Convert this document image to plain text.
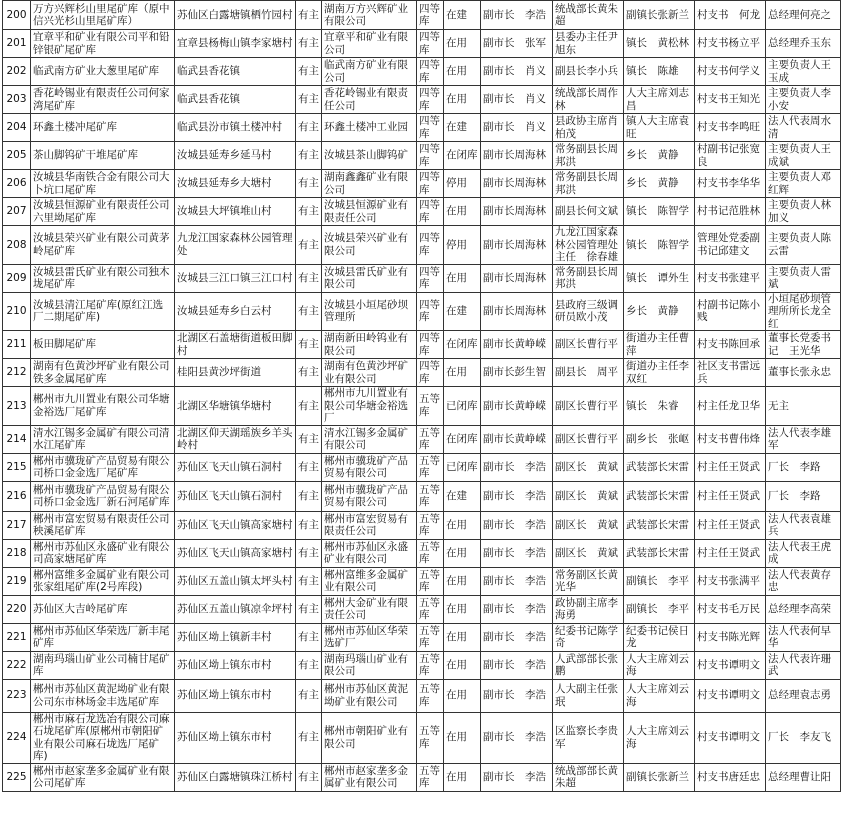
200	万方兴辉杉山里尾矿库（原中信兴光杉山里尾矿库）	苏仙区白露塘镇栖竹园村	有主	湖南万方兴辉矿业有限公司	四等库	在建	副市长　李浩	统战部长黄朱超	副镇长张新兰	村支书　何龙	总经理何亮之
201	宜章平和矿业有限公司平和铅锌银矿尾矿库	宜章县杨梅山镇李家塘村	有主	宜章平和矿业有限公司	四等库	在用	副市长　张军	县委办主任尹旭东	镇长　黄松林	村支书杨立平	总经理乔玉东
202	临武南方矿业大葱里尾矿库	临武县香花镇	有主	临武南方矿业有限公司	四等库	在用	副市长　肖义	副县长李小兵	镇长　陈雄	村支书何学义	主要负责人王玉成
203	香花岭锡业有限责任公司何家湾尾矿库	临武县香花镇	有主	香花岭锡业有限责任公司	四等库	在用	副市长　肖义	统战部长周作林	人大主席刘志昌	村支书王知光	主要负责人李小安
204	环鑫土楼冲尾矿库	临武县汾市镇土楼冲村	有主	环鑫土楼冲工业园	四等库	在建	副市长　肖义	县政协主席肖柏茂	镇人大主席袁旺	村支书李鸣旺	法人代表周水清
205	茶山脚钨矿干堆尾矿库	汝城县延寿乡延马村	有主	汝城县茶山脚钨矿	四等库	在闭库	副市长周海林	常务副县长周邦洪	乡长　黄静	村副书记张宽良	主要负责人王成斌
206	汝城县华南铁合金有限公司大卜坑口尾矿库	汝城县延寿乡大塘村	有主	湖南鑫鑫矿业有限公司	四等库	停用	副市长周海林	常务副县长周邦洪	乡长　黄静	村支书李华华	主要负责人邓红辉
207	汝城县恒源矿业有限责任公司六里坳尾矿库	汝城县大坪镇堆山村	有主	汝城县恒源矿业有限责任公司	四等库	在用	副市长周海林	副县长何文斌	镇长　陈智学	村书记范胜林	主要负责人林加义
208	汝城县荣兴矿业有限公司黄茅岭尾矿库	九龙江国家森林公园管理处	有主	汝城县荣兴矿业有限公司	四等库	停用	副市长周海林	九龙江国家森林公园管理处主任　徐春雄	镇长　陈智学	管理处党委副书记邱建文	主要负责人陈云雷
209	汝城县雷氏矿业有限公司独木垅尾矿库	汝城县三江口镇三江口村	有主	汝城县雷氏矿业有限公司	四等库	在用	副市长周海林	常务副县长周邦洪	镇长　谭外生	村支书张建平	主要负责人雷斌
210	汝城县清江尾矿库(原红江选厂二期尾矿库)	汝城县延寿乡白云村	有主	汝城县小垣尾砂坝管理所	四等库	在建	副市长周海林	县政府三级调研员欧小茂	乡长　黄静	村副书记陈小贱	小垣尾砂坝管理所所长龙全红
211	板田脚尾矿库	北湖区石盖塘街道板田脚村	有主	湖南新田岭钨业有限公司	四等库	在闭库	副市长黄峥嵘	副区长曹行平	街道办主任曹萍	村支书陈回承	董事长党委书记　王光华
212	湖南有色黄沙坪矿业有限公司铁多金属尾矿库	桂阳县黄沙坪街道	有主	湖南有色黄沙坪矿业有限公司	四等库	在用	副市长彭生智	副县长　周平	街道办主任李双红	社区支书雷远兵	董事长张永忠
213	郴州市九川置业有限公司华塘金裕选厂尾矿库	北湖区华塘镇华塘村	有主	郴州市九川置业有限公司华塘金裕选厂	五等库	已闭库	副市长黄峥嵘	副区长曹行平	镇长　朱睿	村主任龙卫华	无主
214	清水江锡多金属矿有限公司清水江尾矿库	北湖区仰天湖瑶族乡羊头岭村	有主	清水江锡多金属矿有限公司	五等库	在闭库	副市长黄峥嵘	副区长曹行平	副乡长　张岖	村支书曹伟烽	法人代表李雄军
215	郴州市骥珑矿产品贸易有限公司桥口金金选厂尾矿库	苏仙区飞天山镇石洞村	有主	郴州市骥珑矿产品贸易有限公司	五等库	已闭库	副市长　李浩	副区长　黄斌	武装部长宋雷	村主任王贤武	厂长　李路
216	郴州市骥珑矿产品贸易有限公司桥口金金选厂新石河尾矿库	苏仙区飞天山镇石洞村	有主	郴州市骥珑矿产品贸易有限公司	五等库	在建	副市长　李浩	副区长　黄斌	武装部长宋雷	村主任王贤武	厂长　李路
217	郴州市富宏贸易有限责任公司秧溪尾矿库	苏仙区飞天山镇高家塘村	有主	郴州市富宏贸易有限责任公司	五等库	在用	副市长　李浩	副区长　黄斌	武装部长宋雷	村主任王贤武	法人代表袁雄兵
218	郴州市苏仙区永盛矿业有限公司高家塘尾矿库	苏仙区飞天山镇高家塘村	有主	郴州市苏仙区永盛矿业有限公司	五等库	在用	副市长　李浩	副区长　黄斌	武装部长宋雷	村主任王贤武	法人代表王虎成
219	郴州富维多金属矿业有限公司张家组尾矿库(2号库段)	苏仙区五盖山镇太坪头村	有主	郴州富维多金属矿业有限公司	五等库	在用	副市长　李浩	常务副区长黄光华	副镇长　李平	村支书张满平	法人代表黄存忠
220	苏仙区大吉岭尾矿库	苏仙区五盖山镇凉伞坪村	有主	郴州大金矿业有限责任公司	五等库	在用	副市长　李浩	政协副主席李海勇	副镇长　李平	村支书毛万民	总经理李高荣
221	郴州市苏仙区华荣选厂新丰尾矿库	苏仙区坳上镇新丰村	有主	郴州市苏仙区华荣选矿厂	五等库	在用	副市长　李浩	纪委书记陈学奇	纪委书记侯日龙	村支书陈光辉	法人代表何早华
222	湖南玛瑙山矿业公司楠甘尾矿库	苏仙区坳上镇东市村	有主	湖南玛瑙山矿业有限公司	五等库	在用	副市长　李浩	人武部部长张鹏	人大主席刘云海	村支书谭明文	法人代表许珊武
223	郴州市苏仙区黄泥坳矿业有限公司东市林场金丰选尾矿库	苏仙区坳上镇东市村	有主	郴州市苏仙区黄泥坳矿业有限公司	五等库	在用	副市长　李浩	人大副主任张珉	人大主席刘云海	村支书谭明文	总经理袁志勇
224	郴州市麻石龙选冶有限公司麻石垅尾矿库(原郴州市朝阳矿业有限公司麻石垅选厂尾矿库)	苏仙区坳上镇东市村	有主	郴州市朝阳矿业有限公司	五等库	在用	副市长　李浩	区监察长李贵军	人大主席刘云海	村支书谭明文	厂长　李友飞
225	郴州市赵家垄多金属矿业有限公司尾矿库	苏仙区白露塘镇珠江桥村	有主	郴州市赵家垄多金属矿业有限公司	五等库	在用	副市长　李浩	统战部部长黄朱超	副镇长张新兰	村支书唐廷忠	总经理曹让阳
